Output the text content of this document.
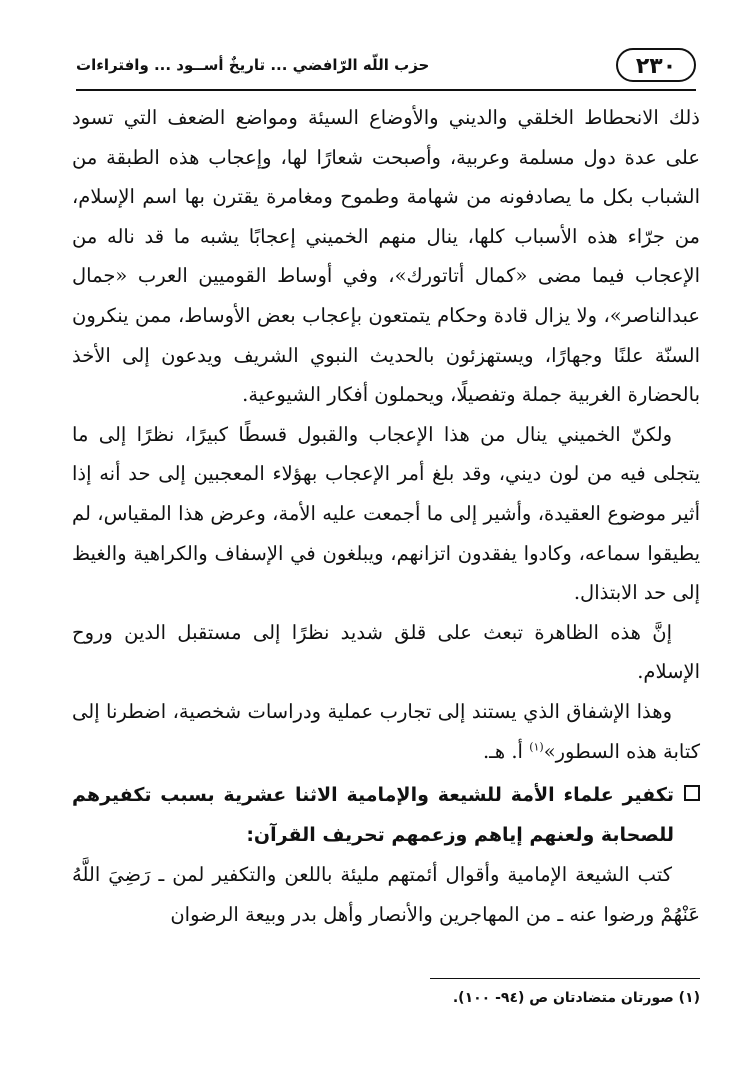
٢٣٠
حزب اللّه الرّافضي ... تاريخٌ أســود ... وافتراءات

ذلك الانحطاط الخلقي والديني والأوضاع السيئة ومواضع الضعف التي تسود على عدة دول مسلمة وعربية، وأصبحت شعارًا لها، وإعجاب هذه الطبقة من الشباب بكل ما يصادفونه من شهامة وطموح ومغامرة يقترن بها اسم الإسلام، من جرّاء هذه الأسباب كلها، ينال منهم الخميني إعجابًا يشبه ما قد ناله من الإعجاب فيما مضى «كمال أتاتورك»، وفي أوساط القوميين العرب «جمال عبدالناصر»، ولا يزال قادة وحكام يتمتعون بإعجاب بعض الأوساط، ممن ينكرون السنّة علنًا وجهارًا، ويستهزئون بالحديث النبوي الشريف ويدعون إلى الأخذ بالحضارة الغربية جملة وتفصيلًا، ويحملون أفكار الشيوعية.

ولكنّ الخميني ينال من هذا الإعجاب والقبول قسطًا كبيرًا، نظرًا إلى ما يتجلى فيه من لون ديني، وقد بلغ أمر الإعجاب بهؤلاء المعجبين إلى حد أنه إذا أثير موضوع العقيدة، وأشير إلى ما أجمعت عليه الأمة، وعرض هذا المقياس، لم يطيقوا سماعه، وكادوا يفقدون اتزانهم، ويبلغون في الإسفاف والكراهية والغيظ إلى حد الابتذال.

إنَّ هذه الظاهرة تبعث على قلق شديد نظرًا إلى مستقبل الدين وروح الإسلام.

وهذا الإشفاق الذي يستند إلى تجارب عملية ودراسات شخصية، اضطرنا إلى كتابة هذه السطور»$^{(١)}$ أ. هـ.

تكفير علماء الأمة للشيعة والإمامية الاثنا عشرية بسبب تكفيرهم للصحابة ولعنهم إياهم وزعمهم تحريف القرآن:

كتب الشيعة الإمامية وأقوال أئمتهم مليئة باللعن والتكفير لمن ـ رَضِيَ اللَّهُ عَنْهُمْ ورضوا عنه ـ من المهاجرين والأنصار وأهل بدر وبيعة الرضوان

(١) صورتان متضادتان ص (٩٤- ١٠٠).
